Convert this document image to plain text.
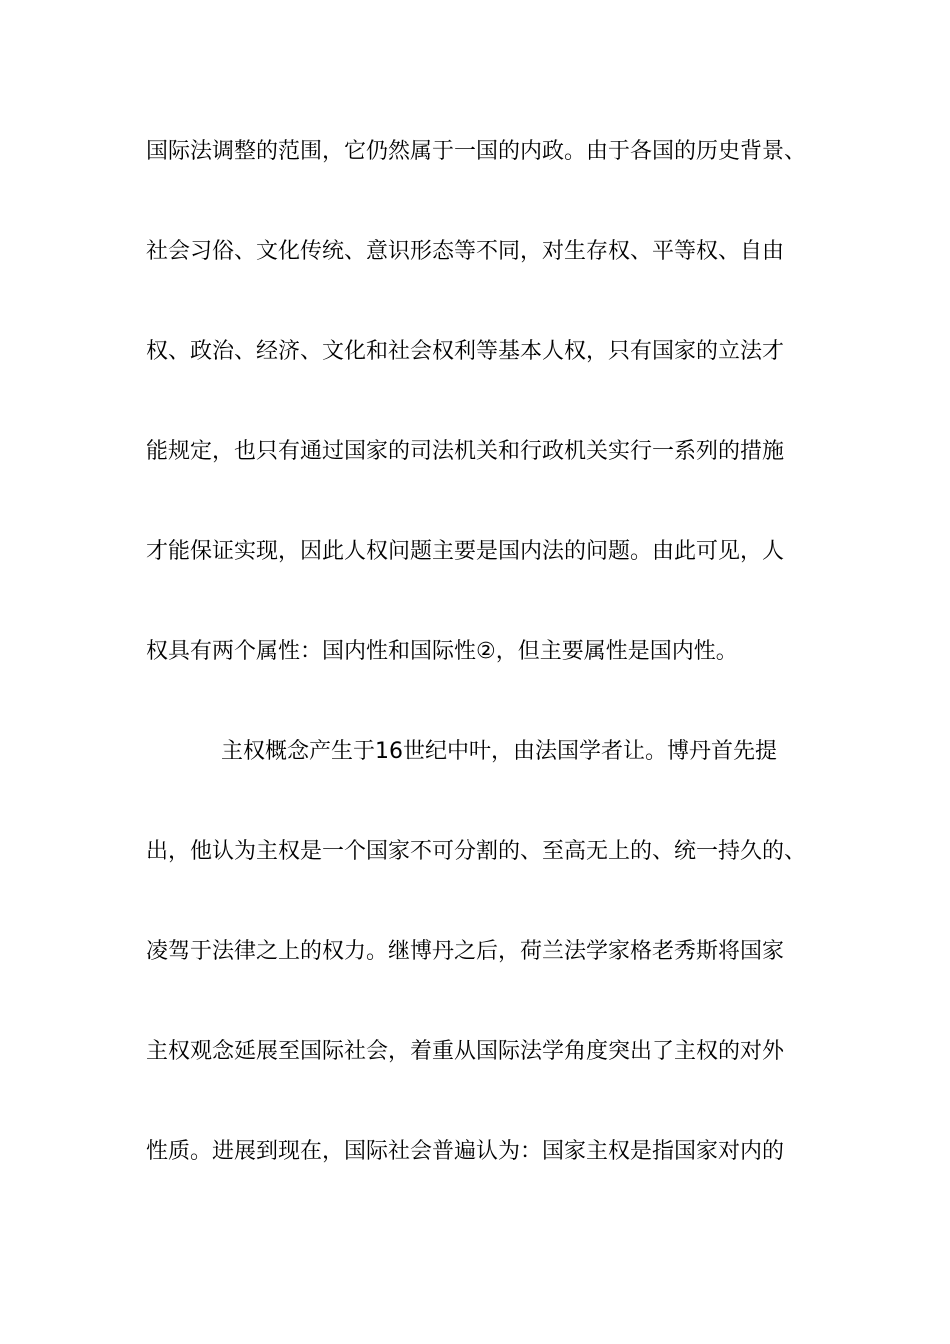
国际法调整的范围，它仍然属于一国的内政。由于各国的历史背景、
社会习俗、文化传统、意识形态等不同，对生存权、平等权、自由
权、政治、经济、文化和社会权利等基本人权，只有国家的立法才
能规定，也只有通过国家的司法机关和行政机关实行一系列的措施
才能保证实现，因此人权问题主要是国内法的问题。由此可见，人
权具有两个属性：国内性和国际性②，但主要属性是国内性。
主权概念产生于16世纪中叶，由法国学者让。博丹首先提
出，他认为主权是一个国家不可分割的、至高无上的、统一持久的、
凌驾于法律之上的权力。继博丹之后，荷兰法学家格老秀斯将国家
主权观念延展至国际社会，着重从国际法学角度突出了主权的对外
性质。进展到现在，国际社会普遍认为：国家主权是指国家对内的
